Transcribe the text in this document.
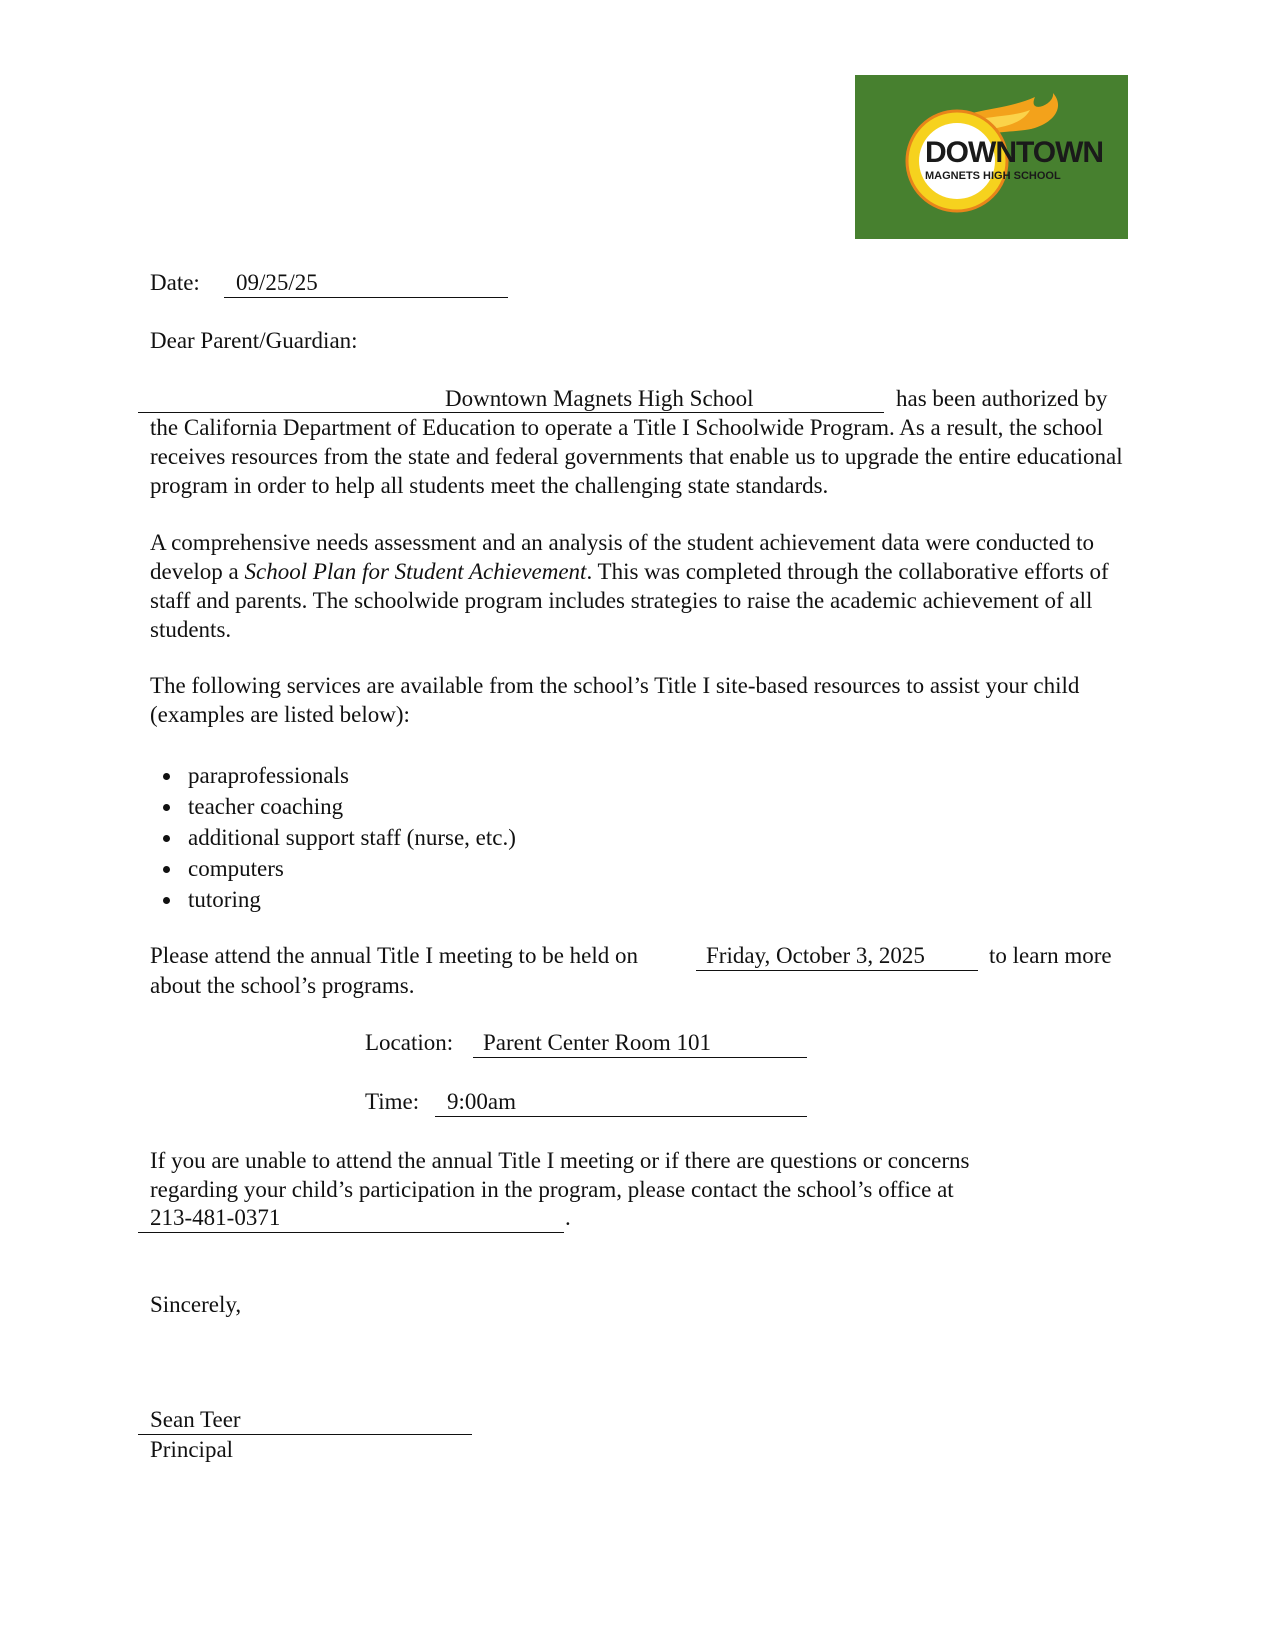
DOWNTOWN
MAGNETS HIGH SCHOOL
Date: 09/25/25
Dear Parent/Guardian:
Downtown Magnets High School	has been authorized by
the California Department of Education to operate a Title I Schoolwide Program. As a result, the school receives resources from the state and federal governments that enable us to upgrade the entire educational program in order to help all students meet the challenging state standards.
A comprehensive needs assessment and an analysis of the student achievement data were conducted to develop a School Plan for Student Achievement. This was completed through the collaborative efforts of staff and parents. The schoolwide program includes strategies to raise the academic achievement of all students.
The following services are available from the school’s Title I site-based resources to assist your child (examples are listed below):
paraprofessionals
teacher coaching
additional support staff (nurse, etc.)
computers
tutoring
Please attend the annual Title I meeting to be held on	Friday, October 3, 2025	to learn more
about the school’s programs.
Location: Parent Center Room 101
Time: 9:00am
If you are unable to attend the annual Title I meeting or if there are questions or concerns
regarding your child’s participation in the program, please contact the school’s office at
213-481-0371	.
Sincerely,
Sean Teer
Principal
